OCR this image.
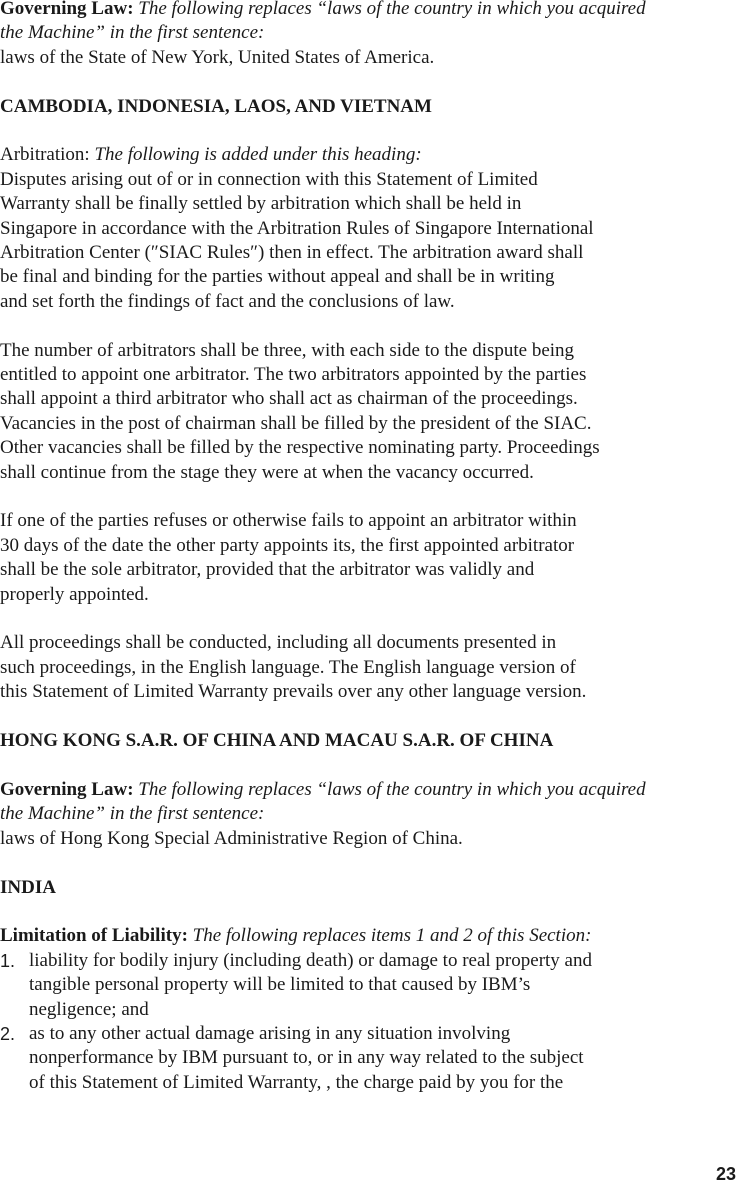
Governing Law: The following replaces “laws of the country in which you acquired
the Machine” in the first sentence:
laws of the State of New York, United States of America.
CAMBODIA, INDONESIA, LAOS, AND VIETNAM
Arbitration: The following is added under this heading:
Disputes arising out of or in connection with this Statement of Limited
Warranty shall be finally settled by arbitration which shall be held in
Singapore in accordance with the Arbitration Rules of Singapore International
Arbitration Center (″SIAC Rules″) then in effect. The arbitration award shall
be final and binding for the parties without appeal and shall be in writing
and set forth the findings of fact and the conclusions of law.
The number of arbitrators shall be three, with each side to the dispute being
entitled to appoint one arbitrator. The two arbitrators appointed by the parties
shall appoint a third arbitrator who shall act as chairman of the proceedings.
Vacancies in the post of chairman shall be filled by the president of the SIAC.
Other vacancies shall be filled by the respective nominating party. Proceedings
shall continue from the stage they were at when the vacancy occurred.
If one of the parties refuses or otherwise fails to appoint an arbitrator within
30 days of the date the other party appoints its, the first appointed arbitrator
shall be the sole arbitrator, provided that the arbitrator was validly and
properly appointed.
All proceedings shall be conducted, including all documents presented in
such proceedings, in the English language. The English language version of
this Statement of Limited Warranty prevails over any other language version.
HONG KONG S.A.R. OF CHINA AND MACAU S.A.R. OF CHINA
Governing Law: The following replaces “laws of the country in which you acquired
the Machine” in the first sentence:
laws of Hong Kong Special Administrative Region of China.
INDIA
Limitation of Liability: The following replaces items 1 and 2 of this Section:
1. liability for bodily injury (including death) or damage to real property and
tangible personal property will be limited to that caused by IBM’s
negligence; and
2. as to any other actual damage arising in any situation involving
nonperformance by IBM pursuant to, or in any way related to the subject
of this Statement of Limited Warranty, , the charge paid by you for the
23
